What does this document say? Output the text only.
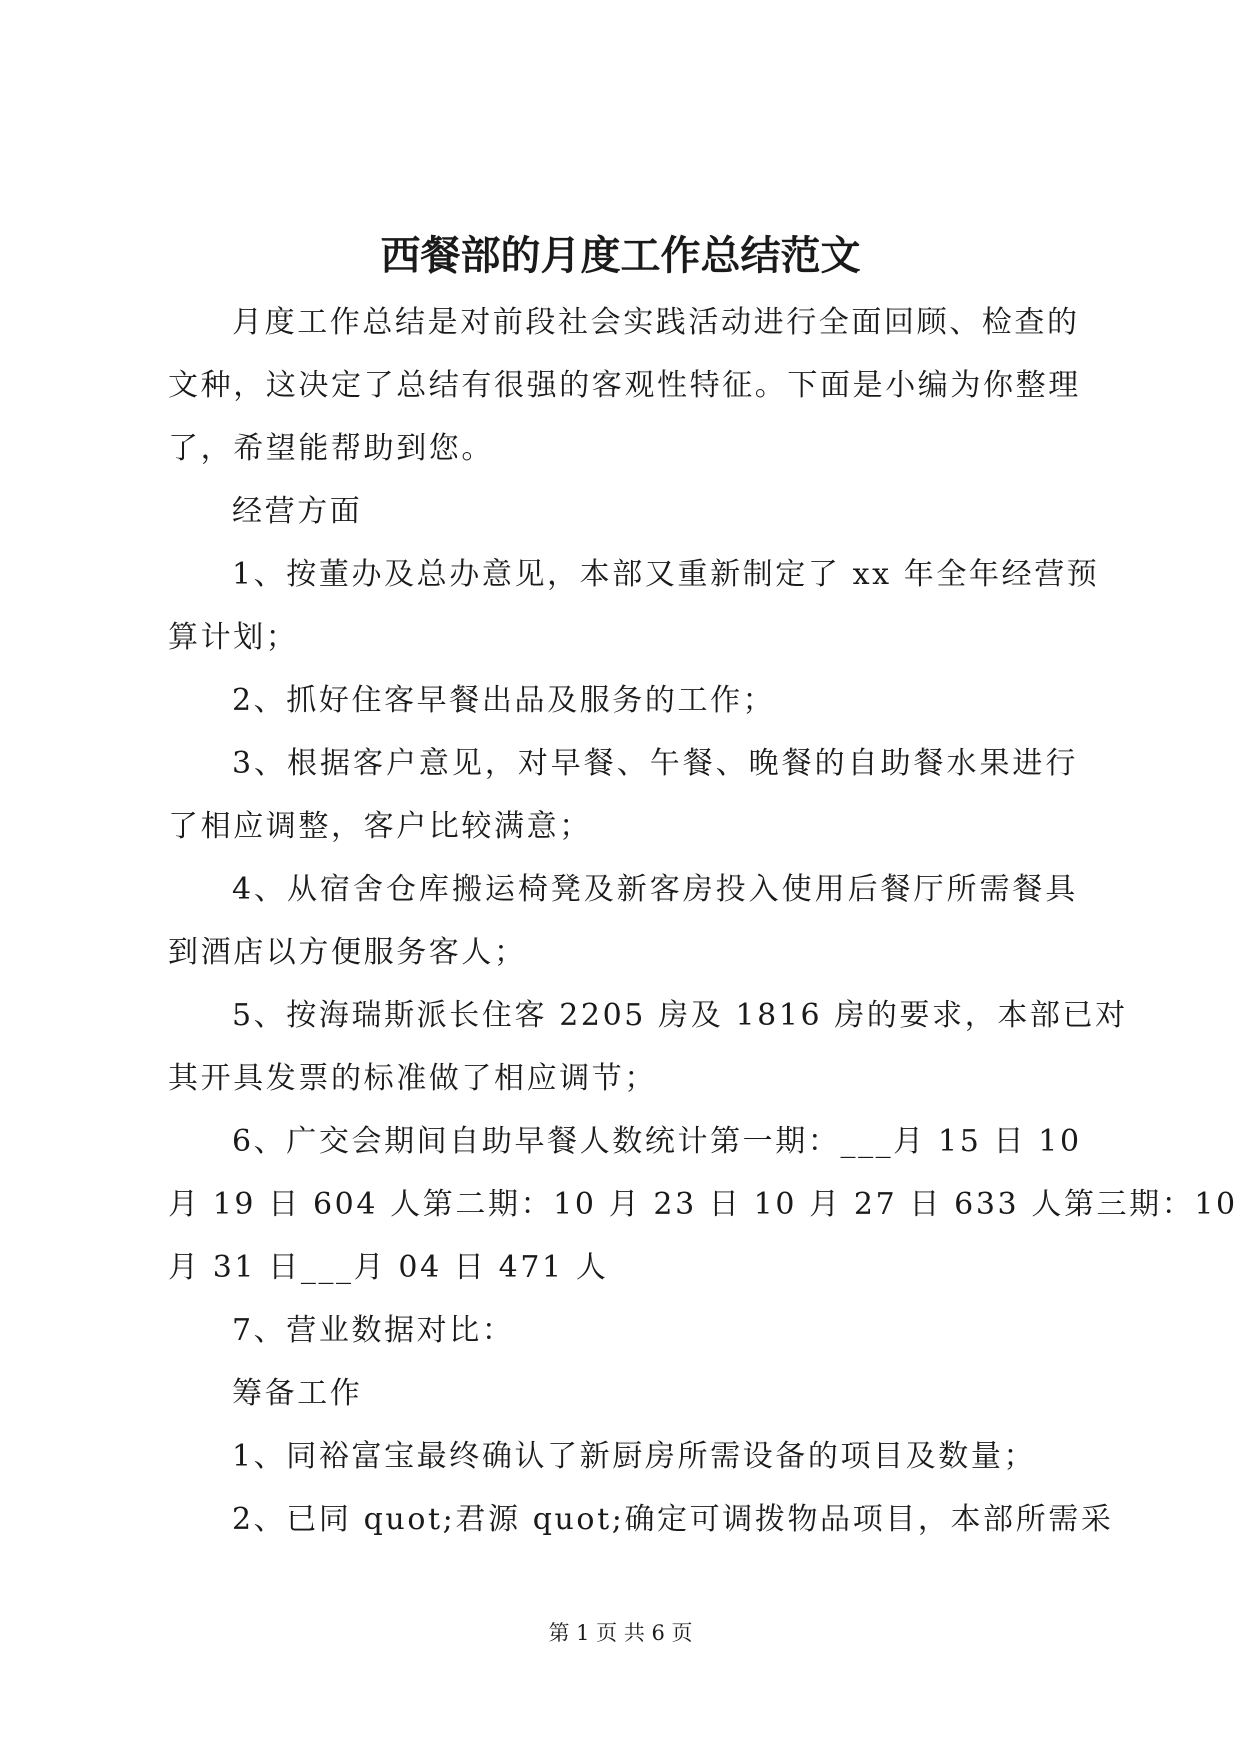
西餐部的月度工作总结范文
月度工作总结是对前段社会实践活动进行全面回顾、检查的
文种，这决定了总结有很强的客观性特征。下面是小编为你整理
了，希望能帮助到您。
经营方面
1、按董办及总办意见，本部又重新制定了 xx 年全年经营预
算计划；
2、抓好住客早餐出品及服务的工作；
3、根据客户意见，对早餐、午餐、晚餐的自助餐水果进行
了相应调整，客户比较满意；
4、从宿舍仓库搬运椅凳及新客房投入使用后餐厅所需餐具
到酒店以方便服务客人；
5、按海瑞斯派长住客 2205 房及 1816 房的要求，本部已对
其开具发票的标准做了相应调节；
6、广交会期间自助早餐人数统计第一期：___月 15 日 10
月 19 日 604 人第二期：10 月 23 日 10 月 27 日 633 人第三期：10
月 31 日___月 04 日 471 人
7、营业数据对比：
筹备工作
1、同裕富宝最终确认了新厨房所需设备的项目及数量；
2、已同 quot;君源 quot;确定可调拨物品项目，本部所需采
第 1 页 共 6 页
